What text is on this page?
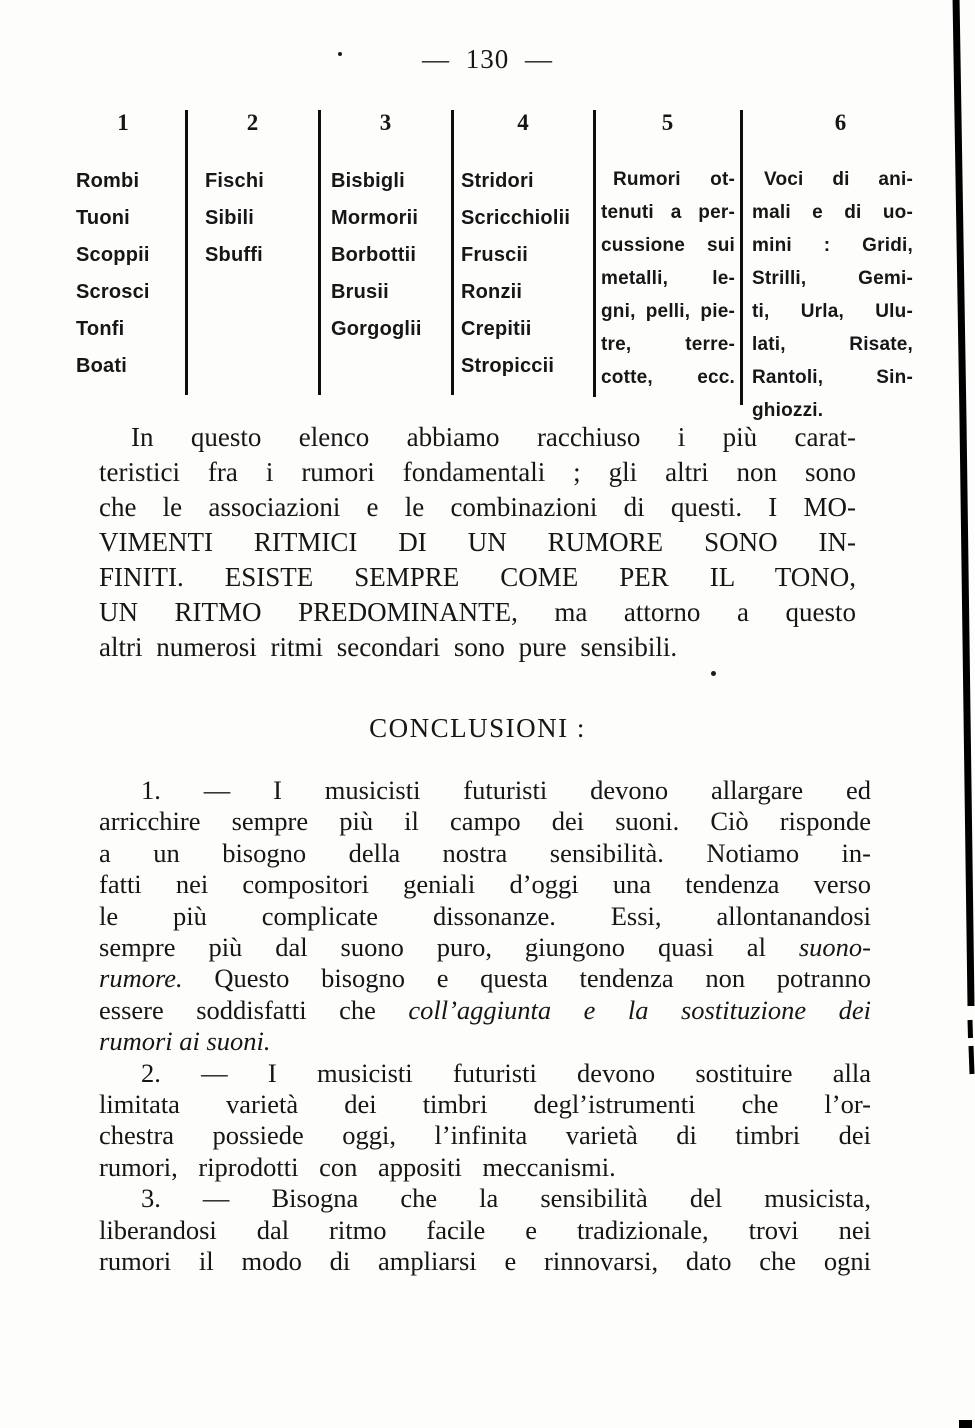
— 130 —
1
Rombi
Tuoni
Scoppii
Scrosci
Tonfi
Boati
2
Fischi
Sibili
Sbuffi
3
Bisbigli
Mormorii
Borbottii
Brusii
Gorgoglii
4
Stridori
Scricchiolii
Fruscii
Ronzii
Crepitii
Stropiccii
5
Rumori ot-
tenuti a per-
cussione sui
metalli, le-
gni, pelli, pie-
tre, terre-
cotte, ecc.
6
Voci di ani-
mali e di uo-
mini : Gridi,
Strilli, Gemi-
ti, Urla, Ulu-
lati, Risate,
Rantoli, Sin-
ghiozzi.
In questo elenco abbiamo racchiuso i più carat-
teristici fra i rumori fondamentali ; gli altri non sono
che le associazioni e le combinazioni di questi. I MO-
VIMENTI RITMICI DI UN RUMORE SONO IN-
FINITI. ESISTE SEMPRE COME PER IL TONO,
UN RITMO PREDOMINANTE, ma attorno a questo
altri numerosi ritmi secondari sono pure sensibili.
CONCLUSIONI :
1. — I musicisti futuristi devono allargare ed
arricchire sempre più il campo dei suoni. Ciò risponde
a un bisogno della nostra sensibilità. Notiamo in-
fatti nei compositori geniali d’oggi una tendenza verso
le più complicate dissonanze. Essi, allontanandosi
sempre più dal suono puro, giungono quasi al suono-
rumore. Questo bisogno e questa tendenza non potranno
essere soddisfatti che coll’aggiunta e la sostituzione dei
rumori ai suoni.
2. — I musicisti futuristi devono sostituire alla
limitata varietà dei timbri degl’istrumenti che l’or-
chestra possiede oggi, l’infinita varietà di timbri dei
rumori, riprodotti con appositi meccanismi.
3. — Bisogna che la sensibilità del musicista,
liberandosi dal ritmo facile e tradizionale, trovi nei
rumori il modo di ampliarsi e rinnovarsi, dato che ogni
